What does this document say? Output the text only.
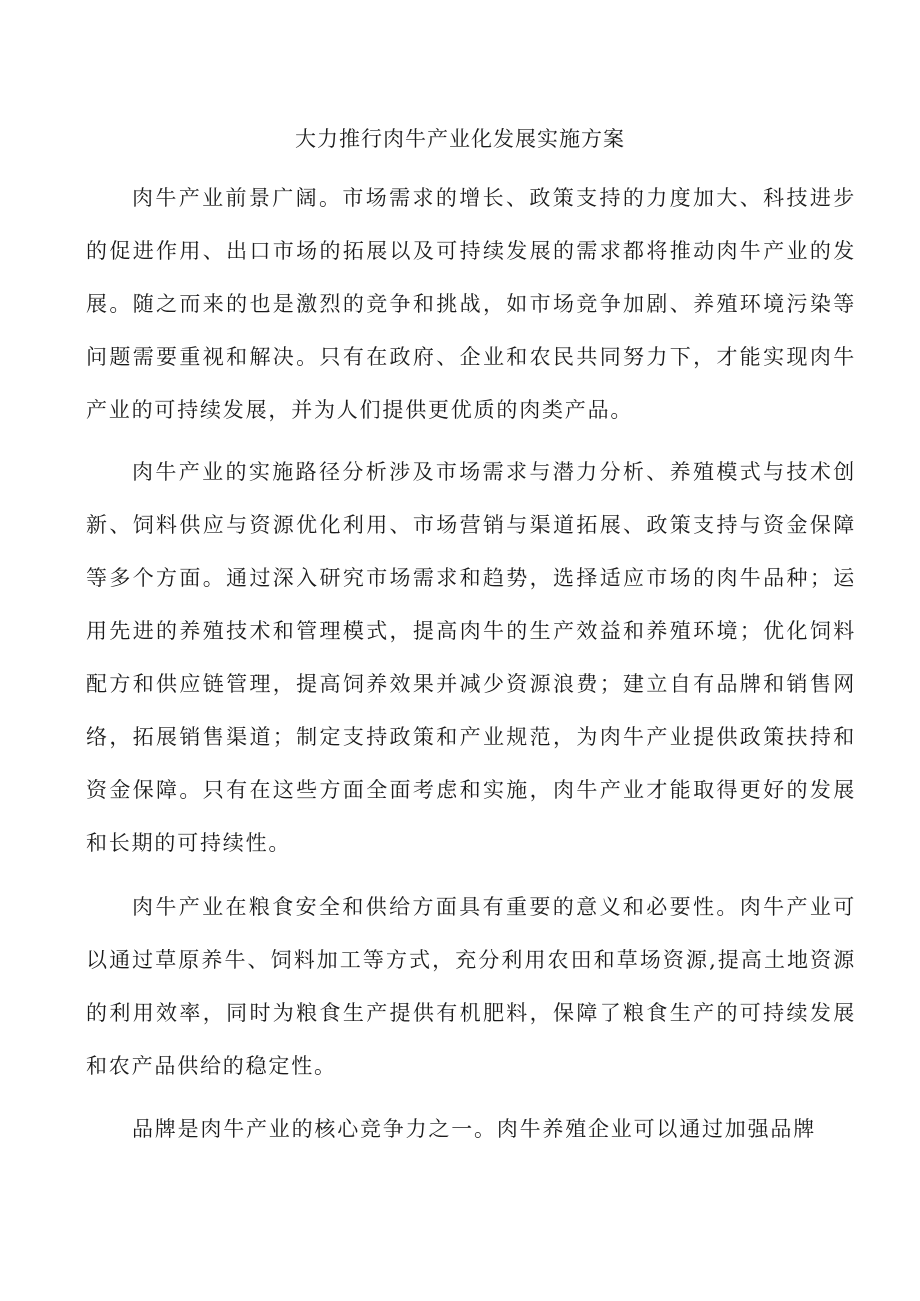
大力推行肉牛产业化发展实施方案

肉牛产业前景广阔。市场需求的增长、政策支持的力度加大、科技进步的促进作用、出口市场的拓展以及可持续发展的需求都将推动肉牛产业的发展。随之而来的也是激烈的竞争和挑战，如市场竞争加剧、养殖环境污染等问题需要重视和解决。只有在政府、企业和农民共同努力下，才能实现肉牛产业的可持续发展，并为人们提供更优质的肉类产品。

肉牛产业的实施路径分析涉及市场需求与潜力分析、养殖模式与技术创新、饲料供应与资源优化利用、市场营销与渠道拓展、政策支持与资金保障等多个方面。通过深入研究市场需求和趋势，选择适应市场的肉牛品种；运用先进的养殖技术和管理模式，提高肉牛的生产效益和养殖环境；优化饲料配方和供应链管理，提高饲养效果并减少资源浪费；建立自有品牌和销售网络，拓展销售渠道；制定支持政策和产业规范，为肉牛产业提供政策扶持和资金保障。只有在这些方面全面考虑和实施，肉牛产业才能取得更好的发展和长期的可持续性。

肉牛产业在粮食安全和供给方面具有重要的意义和必要性。肉牛产业可以通过草原养牛、饲料加工等方式，充分利用农田和草场资源,提高土地资源的利用效率，同时为粮食生产提供有机肥料，保障了粮食生产的可持续发展和农产品供给的稳定性。

品牌是肉牛产业的核心竞争力之一。肉牛养殖企业可以通过加强品牌
